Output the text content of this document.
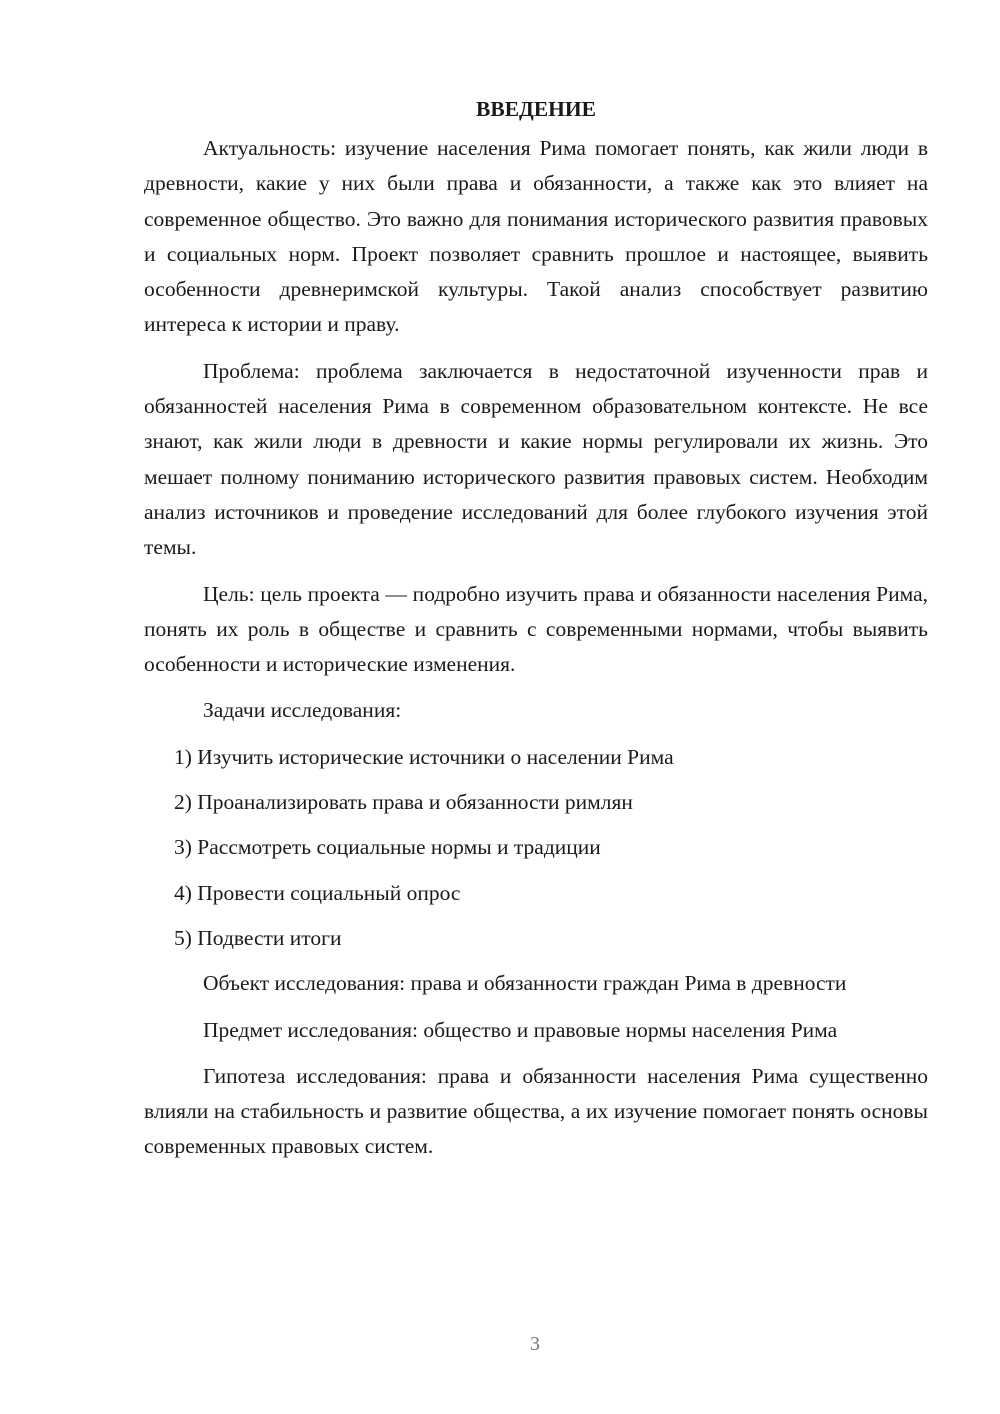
ВВЕДЕНИЕ

Актуальность: изучение населения Рима помогает понять, как жили люди в древности, какие у них были права и обязанности, а также как это влияет на современное общество. Это важно для понимания исторического развития правовых и социальных норм. Проект позволяет сравнить прошлое и настоящее, выявить особенности древнеримской культуры. Такой анализ способствует развитию интереса к истории и праву.

Проблема: проблема заключается в недостаточной изученности прав и обязанностей населения Рима в современном образовательном контексте. Не все знают, как жили люди в древности и какие нормы регулировали их жизнь. Это мешает полному пониманию исторического развития правовых систем. Необходим анализ источников и проведение исследований для более глубокого изучения этой темы.

Цель: цель проекта — подробно изучить права и обязанности населения Рима, понять их роль в обществе и сравнить с современными нормами, чтобы выявить особенности и исторические изменения.

Задачи исследования:

1) Изучить исторические источники о населении Рима
2) Проанализировать права и обязанности римлян
3) Рассмотреть социальные нормы и традиции
4) Провести социальный опрос
5) Подвести итоги

Объект исследования: права и обязанности граждан Рима в древности

Предмет исследования: общество и правовые нормы населения Рима

Гипотеза исследования: права и обязанности населения Рима существенно влияли на стабильность и развитие общества, а их изучение помогает понять основы современных правовых систем.

3
